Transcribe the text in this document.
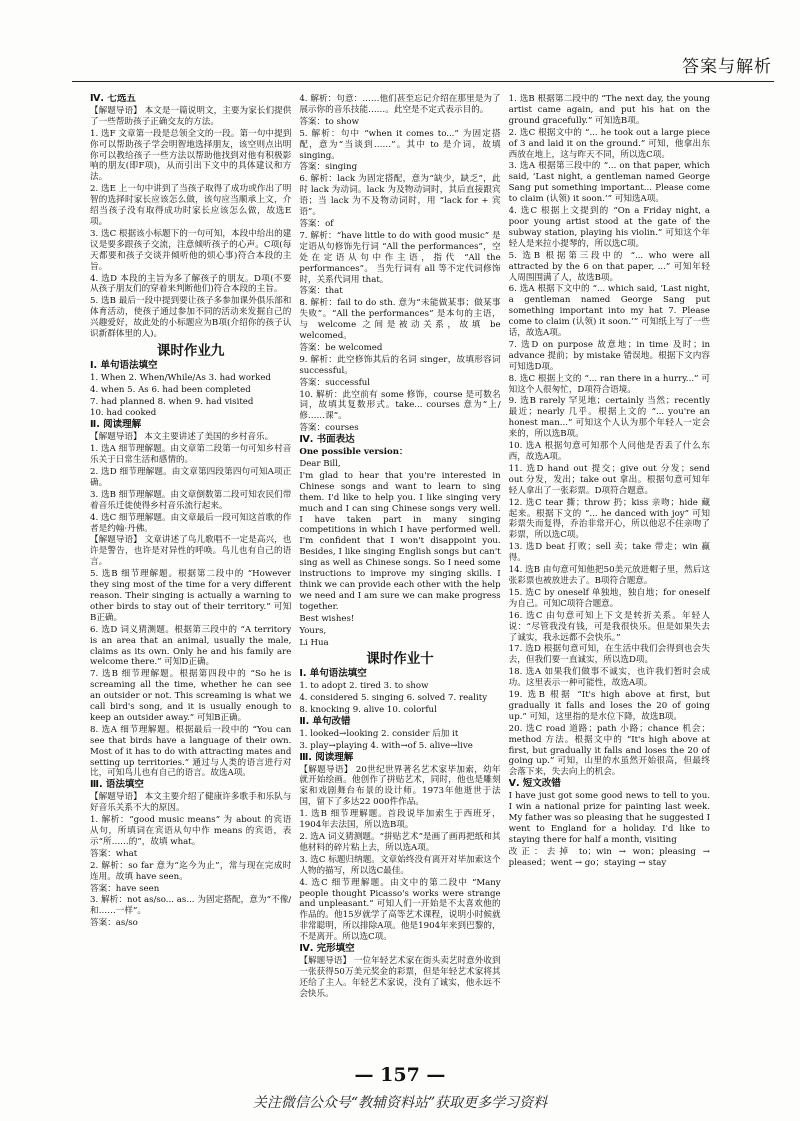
答案与解析

Ⅳ. 七选五

【解题导语】 本文是一篇说明文，主要为家长们提供了一些帮助孩子正确交友的方法。

1. 选F 文章第一段是总领全文的一段。第一句中提到你可以帮助孩子学会明智地选择朋友，该空则点出明你可以教给孩子一些方法以帮助他找到对他有积极影响的朋友(即F项)，从而引出下文中的具体建议和方法。

2. 选E 上一句中讲到了当孩子取得了成功或作出了明智的选择时家长应该怎么做，该句应当顺承上文，介绍当孩子没有取得成功时家长应该怎么做，故选E项。

3. 选C 根据该小标题下的一句可知，本段中给出的建议是要多跟孩子交流，注意倾听孩子的心声。C项(每天都要和孩子交谈并倾听他的烦心事)符合本段的主旨。

4. 选D 本段的主旨为多了解孩子的朋友。D项(不要从孩子朋友们的穿着来判断他们)符合本段的主旨。

5. 选B 最后一段中提到要让孩子多参加课外俱乐部和体育活动，使孩子通过参加不同的活动来发掘自己的兴趣爱好，故此处的小标题应为B项(介绍你的孩子认识新群体里的人)。

课时作业九

Ⅰ. 单句语法填空

1. When 2. When/While/As 3. had worked

4. when 5. As 6. had been completed

7. had planned 8. when 9. had visited

10. had cooked

Ⅱ. 阅读理解

【解题导语】 本文主要讲述了美国的乡村音乐。

1. 选A 细节理解题。由文章第二段第一句可知乡村音乐关于日常生活和感情的。

2. 选D 细节理解题。由文章第四段第四句可知A项正确。

3. 选B 细节理解题。由文章倒数第二段可知农民们带着音乐迁徙使得乡村音乐流行起来。

4. 选C 细节理解题。由文章最后一段可知这首歌的作者是约翰·丹佛。

【解题导语】 文章讲述了鸟儿歌唱不一定是高兴，也许是警告，也许是对异性的呼唤。鸟儿也有自己的语言。

5. 选B 细节理解题。根据第二段中的 “However they sing most of the time for a very different reason. Their singing is actually a warning to other birds to stay out of their territory.” 可知B正确。

6. 选D 词义猜测题。根据第三段中的 “A territory is an area that an animal, usually the male, claims as its own. Only he and his family are welcome there.” 可知D正确。

7. 选B 细节理解题。根据第四段中的 “So he is screaming all the time, whether he can see an outsider or not. This screaming is what we call bird's song, and it is usually enough to keep an outsider away.” 可知B正确。

8. 选A 细节理解题。根据最后一段中的 “You can see that birds have a language of their own. Most of it has to do with attracting mates and setting up territories.” 通过与人类的语言进行对比，可知鸟儿也有自己的语言。故选A项。

Ⅲ. 语法填空

【解题导语】 本文主要介绍了健康许多歌手和乐队与好音乐关系不大的原因。

1. 解析：“good music means” 为 about 的宾语从句，所填词在宾语从句中作 means 的宾语，表示“所……的”，故填 what。

答案：what

2. 解析：so far 意为“迄今为止”，常与现在完成时连用。故填 have seen。

答案：have seen

3. 解析：not as/so... as... 为固定搭配，意为“不像/和……一样”。

答案：as/so

4. 解析：句意：……他们甚至忘记介绍在那里是为了展示你的音乐技能……。此空是不定式表示目的。

答案：to show

5. 解析：句中 “when it comes to...” 为固定搭配，意为“当谈到……”。其中 to 是介词，故填 singing。

答案：singing

6. 解析：lack 为固定搭配，意为“缺少，缺乏”，此时 lack 为动词。lack 为及物动词时，其后直接跟宾语；当 lack 为不及物动词时，用 “lack for + 宾语”。

答案：of

7. 解析：“have little to do with good music” 是定语从句修饰先行词 “All the performances”，空处在定语从句中作主语，指代 “All the performances”。 当先行词有 all 等不定代词修饰时，关系代词用 that。

答案：that

8. 解析：fail to do sth. 意为“未能做某事；做某事失败”。“All the performances” 是本句的主语，与 welcome 之间是被动关系，故填 be welcomed。

答案：be welcomed

9. 解析：此空修饰其后的名词 singer，故填形容词 successful。

答案：successful

10. 解析：此空前有 some 修饰，course 是可数名词，故填其复数形式。take... courses 意为“上/修……课”。

答案：courses

Ⅳ. 书面表达

One possible version：

Dear Bill,

I'm glad to hear that you're interested in Chinese songs and want to learn to sing them. I'd like to help you. I like singing very much and I can sing Chinese songs very well. I have taken part in many singing competitions in which I have performed well. I'm confident that I won't disappoint you. Besides, I like singing English songs but can't sing as well as Chinese songs. So I need some instructions to improve my singing skills. I think we can provide each other with the help we need and I am sure we can make progress together.

Best wishes!

Yours,

Li Hua

课时作业十

Ⅰ. 单句语法填空

1. to adopt 2. tired 3. to show

4. considered 5. singing 6. solved 7. reality

8. knocking 9. alive 10. colorful

Ⅱ. 单句改错

1. looked→looking 2. consider 后加 it

3. play→playing 4. with→of 5. alive→live

Ⅲ. 阅读理解

【解题导语】 20世纪世界著名艺术家毕加索，幼年就开始绘画。他创作了拼贴艺术，同时，他也是雕刻家和戏剧舞台布景的设计师。1973年他逝世于法国，留下了多达22 000件作品。

1. 选B 细节理解题。首段说毕加索生于西班牙，1904年去法国，所以选B项。

2. 选A 词义猜测题。“拼贴艺术”是画了画再把纸和其他材料的碎片粘上去，所以选A项。

3. 选C 标题归纳题。文章始终没有离开对毕加索这个人物的描写，所以选C最佳。

4. 选C 细节理解题。由文中的第二段中 “Many people thought Picasso's works were strange and unpleasant.” 可知人们一开始是不太喜欢他的作品的。他15岁就学了高等艺术课程，说明小时候就非常聪明，所以排除A项。他是1904年来到巴黎的，不是离开。所以选C项。

Ⅳ. 完形填空

【解题导语】 一位年轻艺术家在街头卖艺时意外收到一张获得50万美元奖金的彩票，但是年轻艺术家将其还给了主人。年轻艺术家说，没有了诚实，他永远不会快乐。

1. 选B 根据第二段中的 “The next day, the young artist came again, and put his hat on the ground gracefully.” 可知选B项。

2. 选C 根据文中的 “... he took out a large piece of 3 and laid it on the ground.” 可知，他拿出东西放在地上，这与昨天不同，所以选C项。

3. 选A 根据第三段中的 “... on that paper, which said, ‘Last night, a gentleman named George Sang put something important... Please come to claim (认领) it soon.’” 可知选A项。

4. 选C 根据上文提到的 “On a Friday night, a poor young artist stood at the gate of the subway station, playing his violin.” 可知这个年轻人是来拉小提琴的，所以选C项。

5. 选B 根据第三段中的 “... who were all attracted by the 6 on that paper, ...” 可知年轻人周围围满了人，故选B项。

6. 选A 根据下文中的 “... which said, ‘Last night, a gentleman named George Sang put something important into my hat 7. Please come to claim (认领) it soon.’” 可知纸上写了一些话，故选A项。

7. 选D on purpose 故意地；in time 及时；in advance 提前；by mistake 错误地。根据下文内容可知选D项。

8. 选C 根据上文的 “... ran there in a hurry...” 可知这个人很匆忙，D项符合语境。

9. 选B rarely 罕见地；certainly 当然；recently 最近；nearly 几乎。根据上文的 “... you're an honest man...” 可知这个人认为那个年轻人一定会来的，所以选B项。

10. 选A 根据句意可知那个人问他是否丢了什么东西，故选A项。

11. 选D hand out 提交；give out 分发；send out 分发，发出；take out 拿出。根据句意可知年轻人拿出了一张彩票。D项符合题意。

12. 选C tear 撕；throw 扔；kiss 亲吻；hide 藏起来。根据下文的 “... he danced with joy” 可知彩票失而复得，乔治非常开心，所以他忍不住亲吻了彩票，所以选C项。

13. 选D beat 打败；sell 卖；take 带走；win 赢得。

14. 选B 由句意可知他把50美元放进帽子里，然后这张彩票也被放进去了。B项符合题意。

15. 选C by oneself 单独地，独自地；for oneself 为自己。可知C项符合题意。

16. 选C 由句意可知上下文是转折关系。年轻人说：“尽管我没有钱，可是我很快乐。但是如果失去了诚实，我永远都不会快乐。”

17. 选D 根据句意可知，在生活中我们会得到也会失去，但我们要一直诚实，所以选D项。

18. 选A 如果我们做事不诚实，也许我们暂时会成功。这里表示一种可能性，故选A项。

19. 选B 根据 “It's high above at first, but gradually it falls and loses the 20 of going up.” 可知，这里指的是水位下降，故选B项。

20. 选C road 道路；path 小路；chance 机会；method 方法。根据文中的 “It's high above at first, but gradually it falls and loses the 20 of going up.” 可知，山里的水虽然开始很高，但最终会落下来，失去向上的机会。

Ⅴ. 短文改错

I have just got some good news to tell to you. I win a national prize for painting last week. My father was so pleasing that he suggested I went to England for a holiday. I'd like to staying there for half a month, visiting

改正：去掉 to；win → won；pleasing → pleased；went → go；staying → stay

— 157 —
关注微信公众号“教辅资料站”获取更多学习资料
